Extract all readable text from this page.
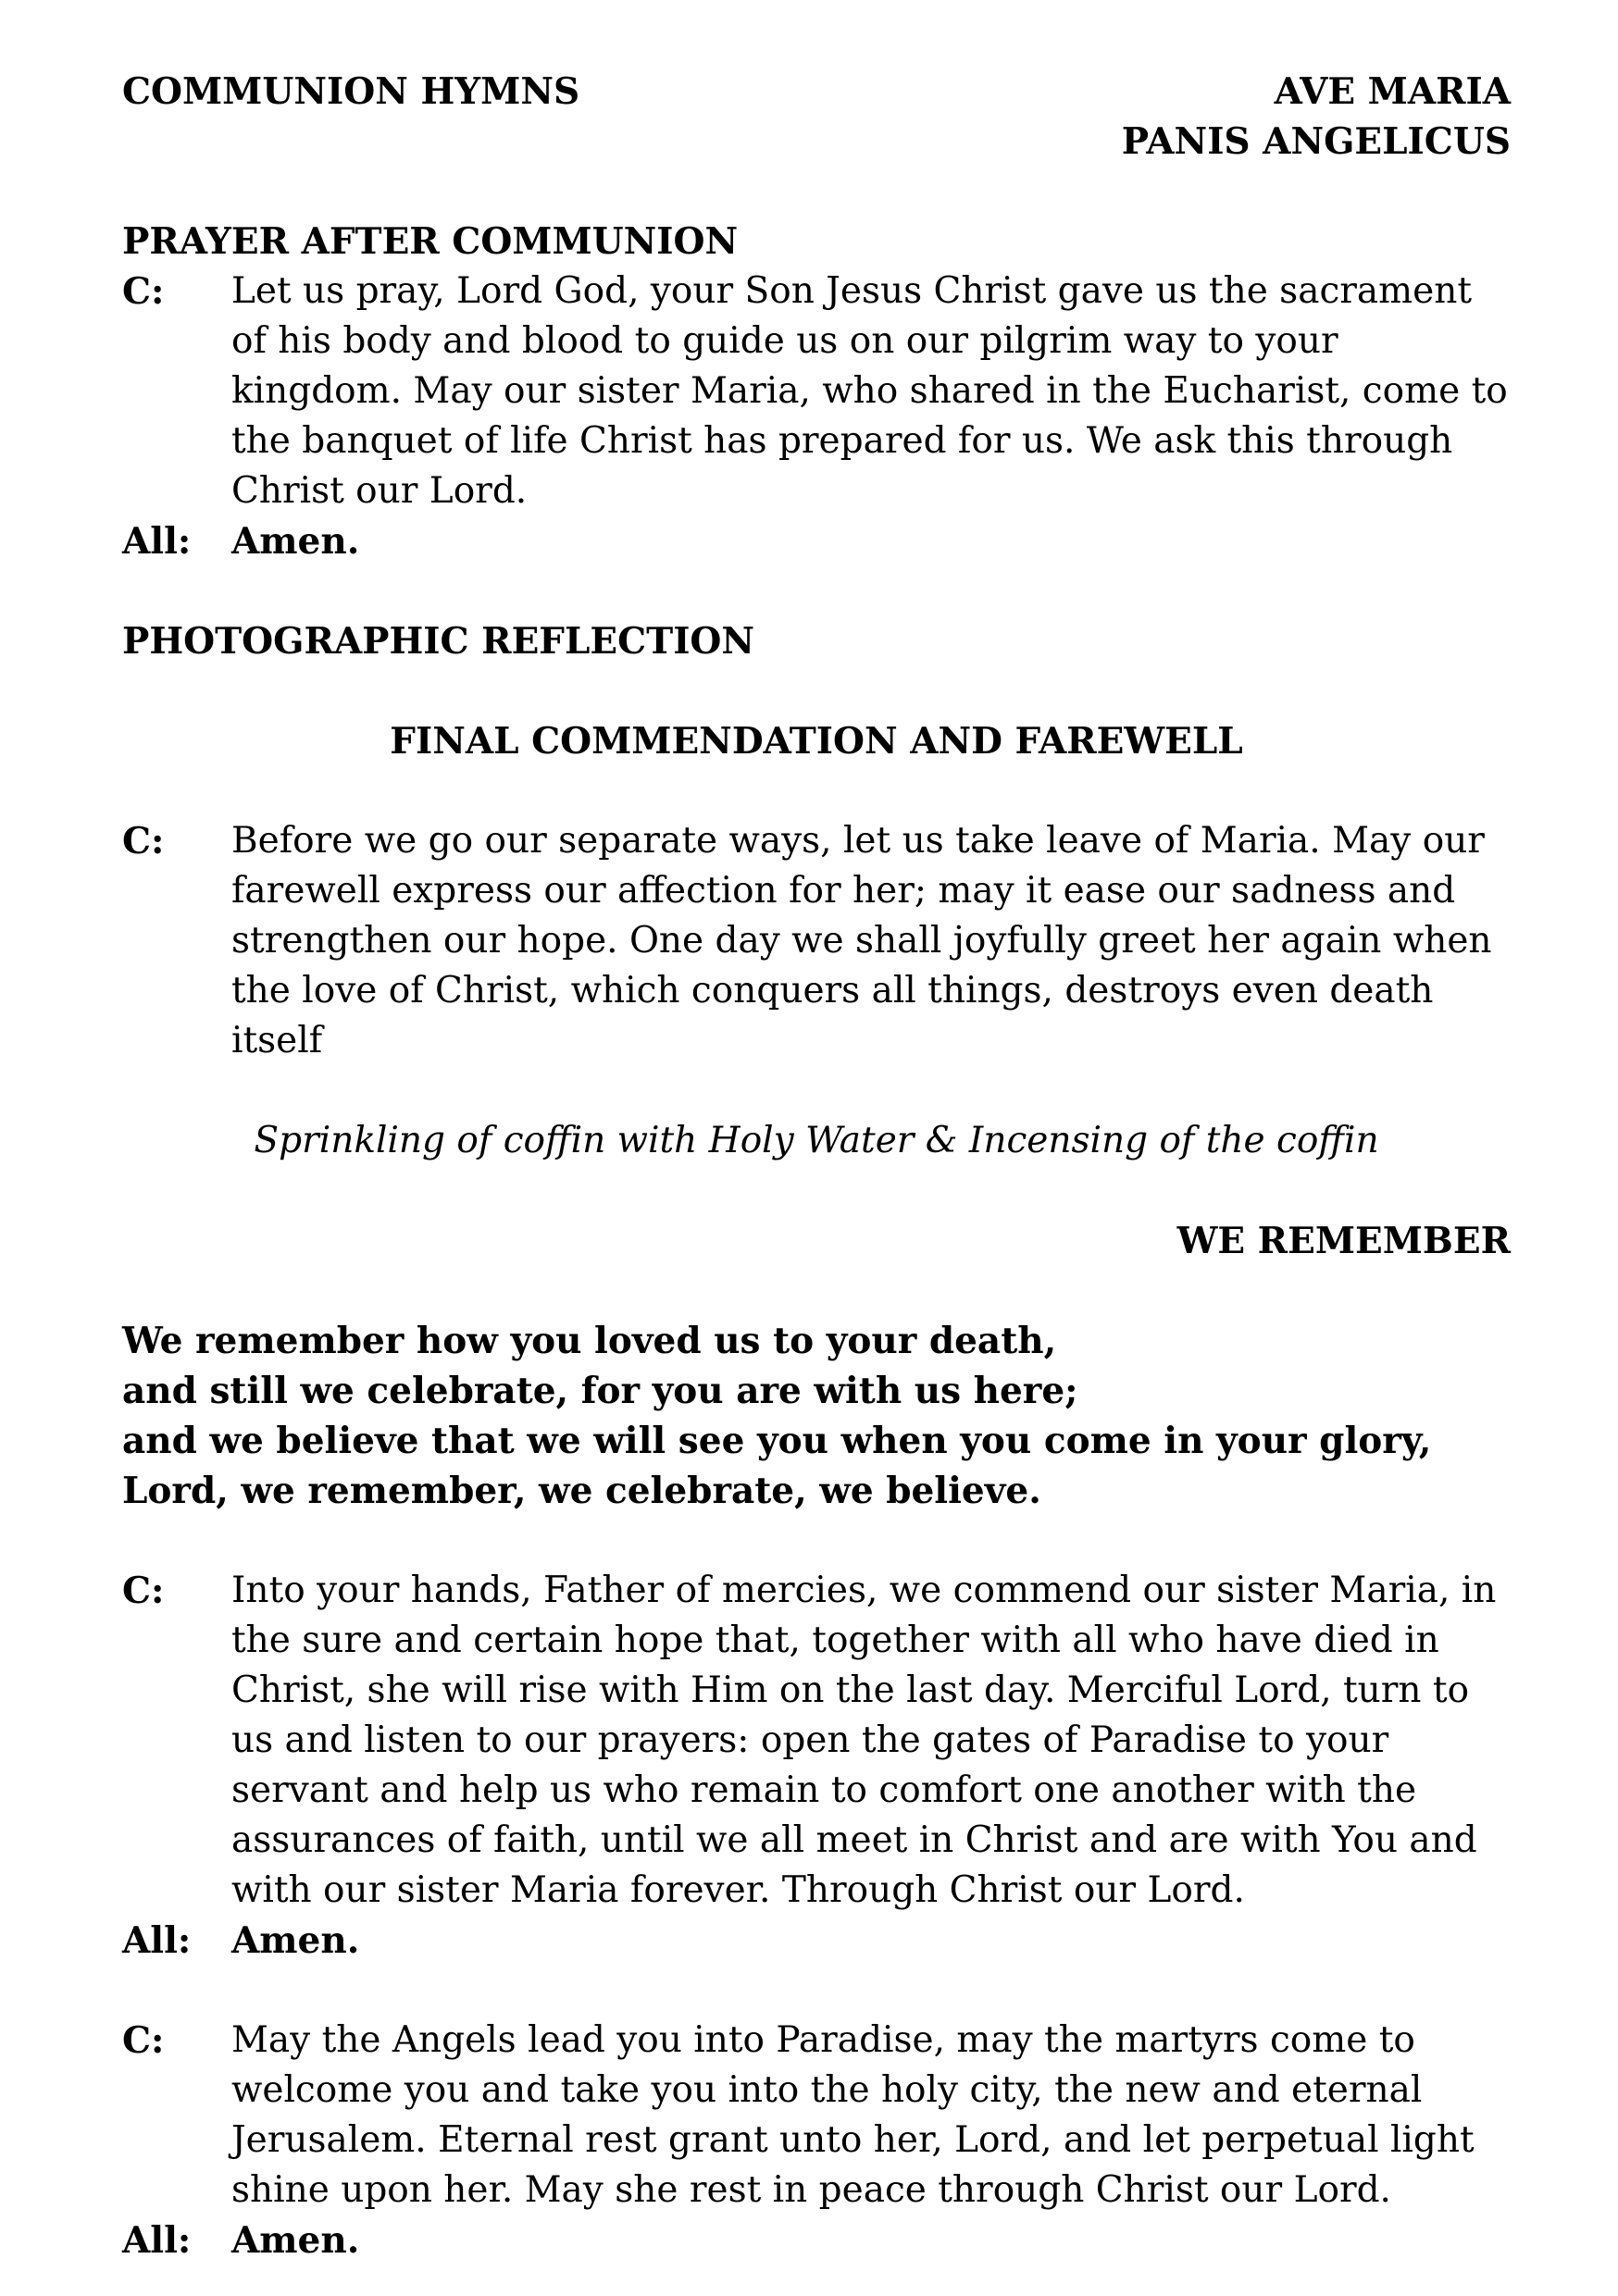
COMMUNION HYMNS	AVE MARIA
PANIS ANGELICUS
PRAYER AFTER COMMUNION
C:	Let us pray, Lord God, your Son Jesus Christ gave us the sacrament of his body and blood to guide us on our pilgrim way to your kingdom. May our sister Maria, who shared in the Eucharist, come to the banquet of life Christ has prepared for us. We ask this through Christ our Lord.
All:	Amen.
PHOTOGRAPHIC REFLECTION
FINAL COMMENDATION AND FAREWELL
C:	Before we go our separate ways, let us take leave of Maria. May our farewell express our affection for her; may it ease our sadness and strengthen our hope. One day we shall joyfully greet her again when the love of Christ, which conquers all things, destroys even death itself
Sprinkling of coffin with Holy Water & Incensing of the coffin
WE REMEMBER
We remember how you loved us to your death,
and still we celebrate, for you are with us here;
and we believe that we will see you when you come in your glory,
Lord, we remember, we celebrate, we believe.
C:	Into your hands, Father of mercies, we commend our sister Maria, in the sure and certain hope that, together with all who have died in Christ, she will rise with Him on the last day. Merciful Lord, turn to us and listen to our prayers: open the gates of Paradise to your servant and help us who remain to comfort one another with the assurances of faith, until we all meet in Christ and are with You and with our sister Maria forever. Through Christ our Lord.
All:	Amen.
C:	May the Angels lead you into Paradise, may the martyrs come to welcome you and take you into the holy city, the new and eternal Jerusalem. Eternal rest grant unto her, Lord, and let perpetual light shine upon her. May she rest in peace through Christ our Lord.
All:	Amen.
